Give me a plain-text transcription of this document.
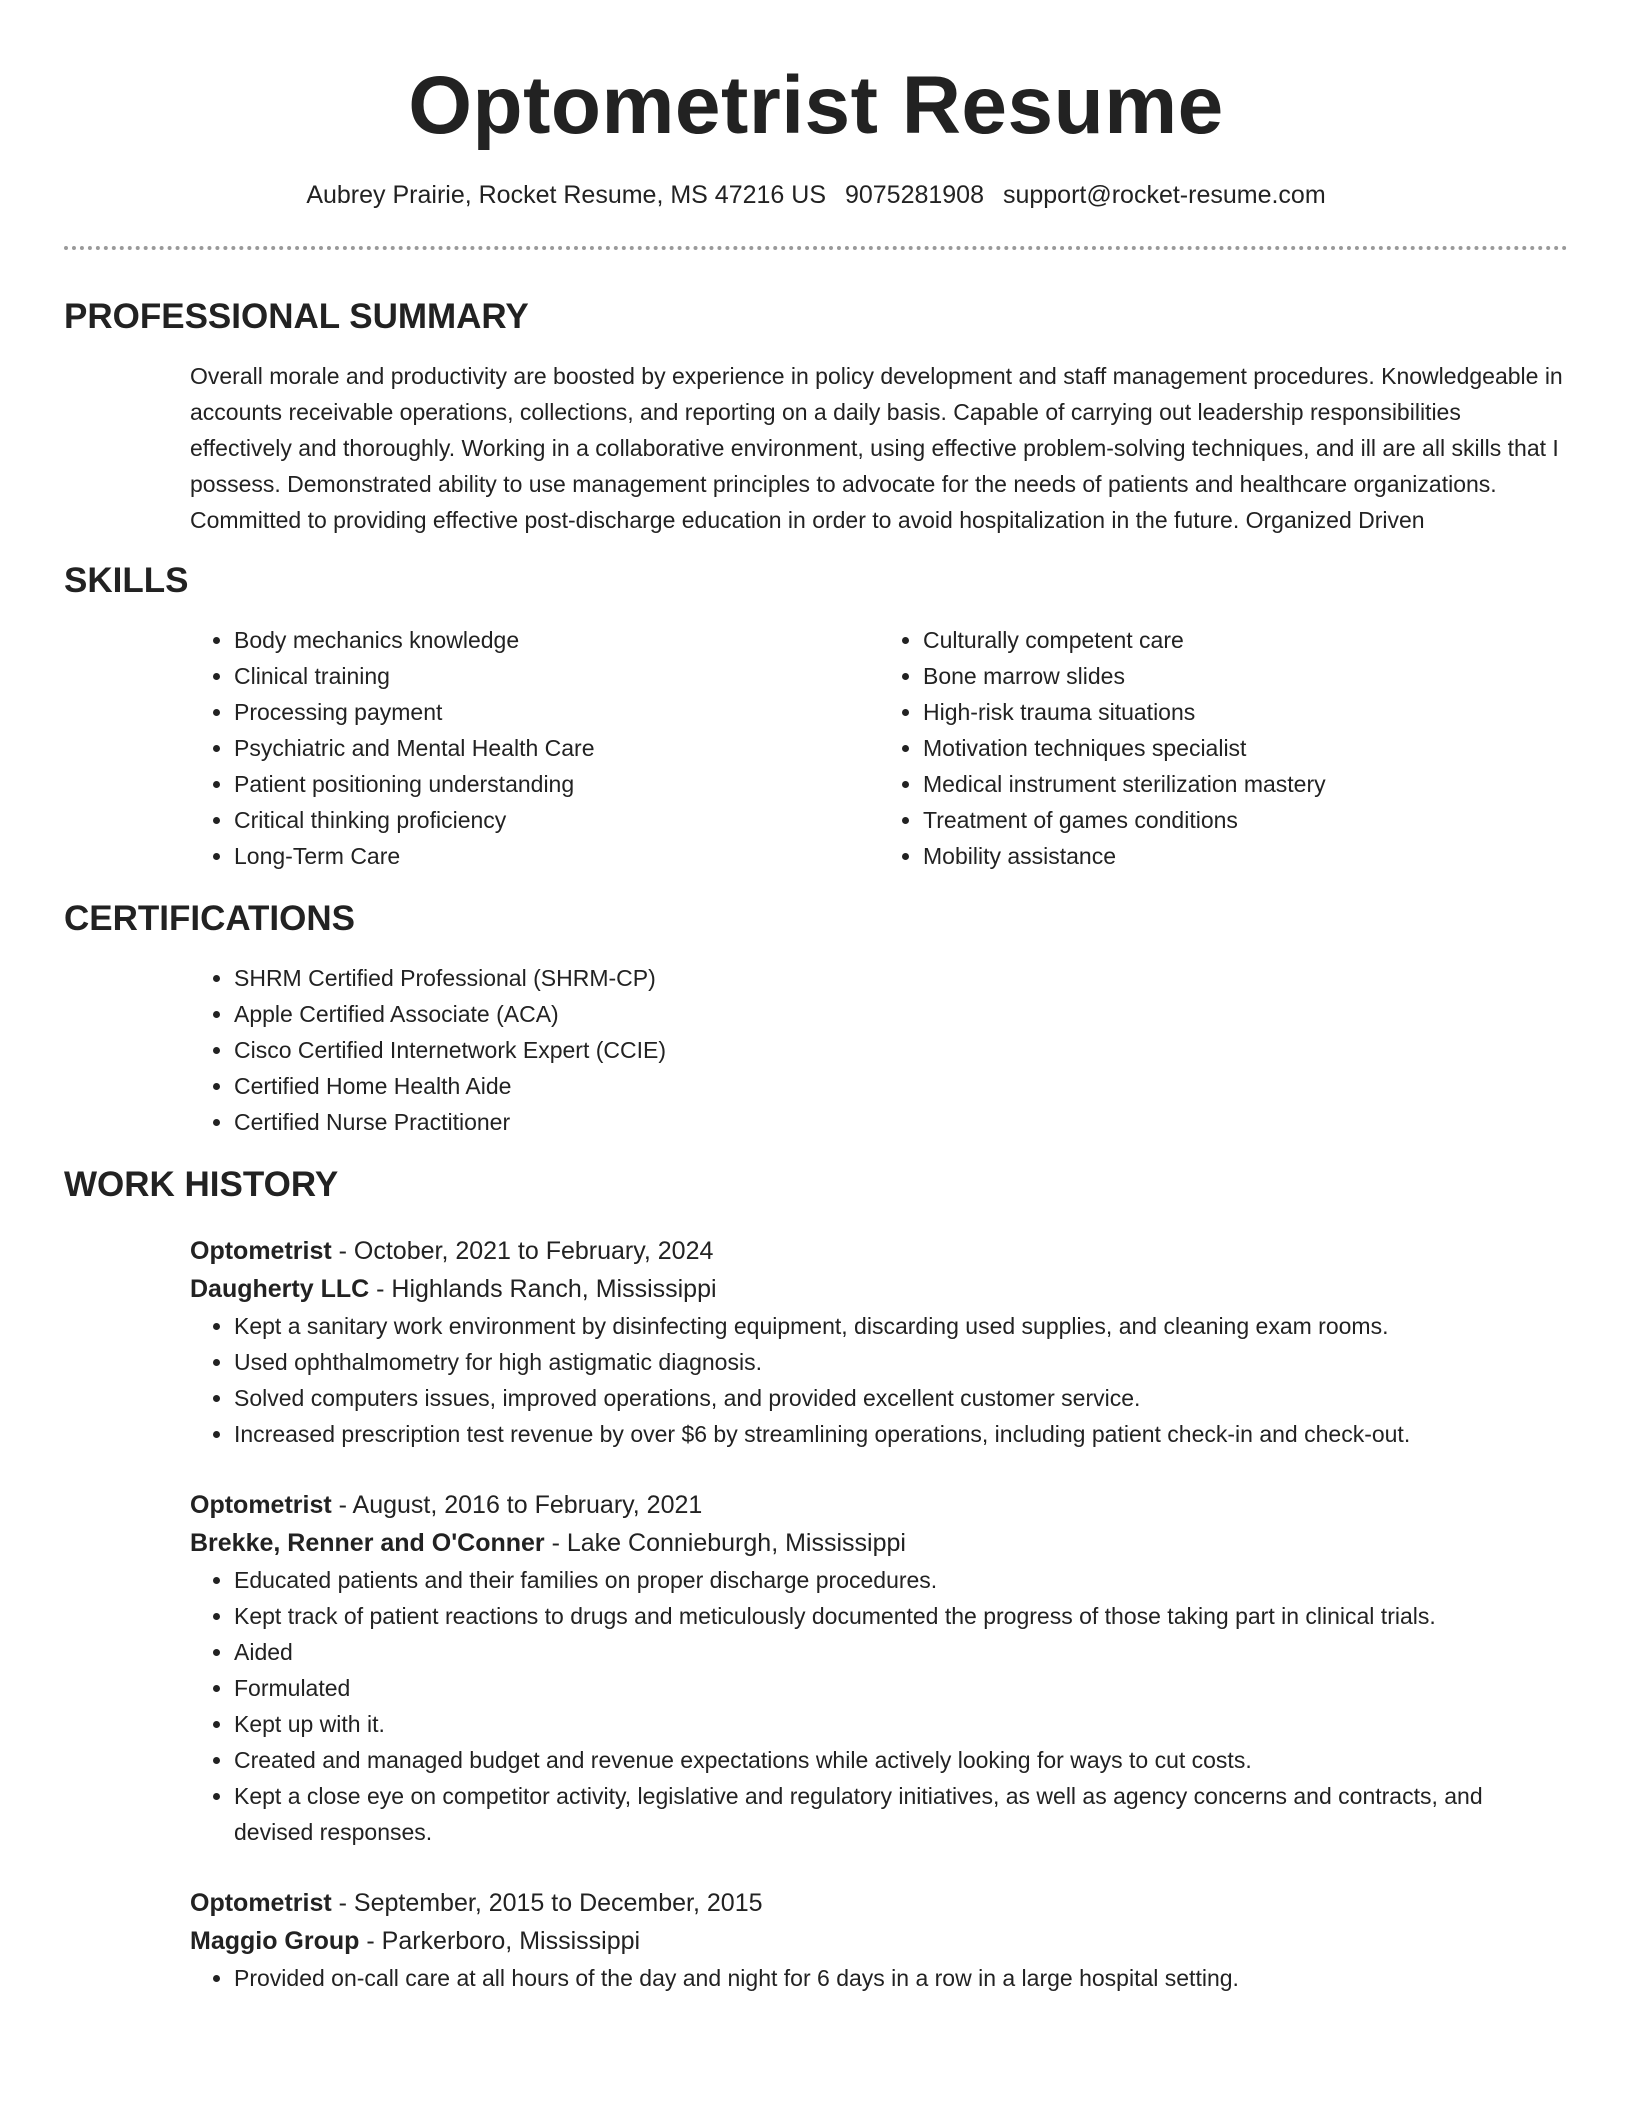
Optometrist Resume
Aubrey Prairie, Rocket Resume, MS 47216 US 9075281908 support@rocket-resume.com
PROFESSIONAL SUMMARY
Overall morale and productivity are boosted by experience in policy development and staff management procedures. Knowledgeable in accounts receivable operations, collections, and reporting on a daily basis. Capable of carrying out leadership responsibilities effectively and thoroughly. Working in a collaborative environment, using effective problem-solving techniques, and ill are all skills that I possess. Demonstrated ability to use management principles to advocate for the needs of patients and healthcare organizations. Committed to providing effective post-discharge education in order to avoid hospitalization in the future. Organized Driven
SKILLS
• Body mechanics knowledge
• Clinical training
• Processing payment
• Psychiatric and Mental Health Care
• Patient positioning understanding
• Critical thinking proficiency
• Long-Term Care
• Culturally competent care
• Bone marrow slides
• High-risk trauma situations
• Motivation techniques specialist
• Medical instrument sterilization mastery
• Treatment of games conditions
• Mobility assistance
CERTIFICATIONS
• SHRM Certified Professional (SHRM-CP)
• Apple Certified Associate (ACA)
• Cisco Certified Internetwork Expert (CCIE)
• Certified Home Health Aide
• Certified Nurse Practitioner
WORK HISTORY
Optometrist - October, 2021 to February, 2024
Daugherty LLC - Highlands Ranch, Mississippi
• Kept a sanitary work environment by disinfecting equipment, discarding used supplies, and cleaning exam rooms.
• Used ophthalmometry for high astigmatic diagnosis.
• Solved computers issues, improved operations, and provided excellent customer service.
• Increased prescription test revenue by over $6 by streamlining operations, including patient check-in and check-out.
Optometrist - August, 2016 to February, 2021
Brekke, Renner and O'Conner - Lake Connieburgh, Mississippi
• Educated patients and their families on proper discharge procedures.
• Kept track of patient reactions to drugs and meticulously documented the progress of those taking part in clinical trials.
• Aided
• Formulated
• Kept up with it.
• Created and managed budget and revenue expectations while actively looking for ways to cut costs.
• Kept a close eye on competitor activity, legislative and regulatory initiatives, as well as agency concerns and contracts, and devised responses.
Optometrist - September, 2015 to December, 2015
Maggio Group - Parkerboro, Mississippi
• Provided on-call care at all hours of the day and night for 6 days in a row in a large hospital setting.
